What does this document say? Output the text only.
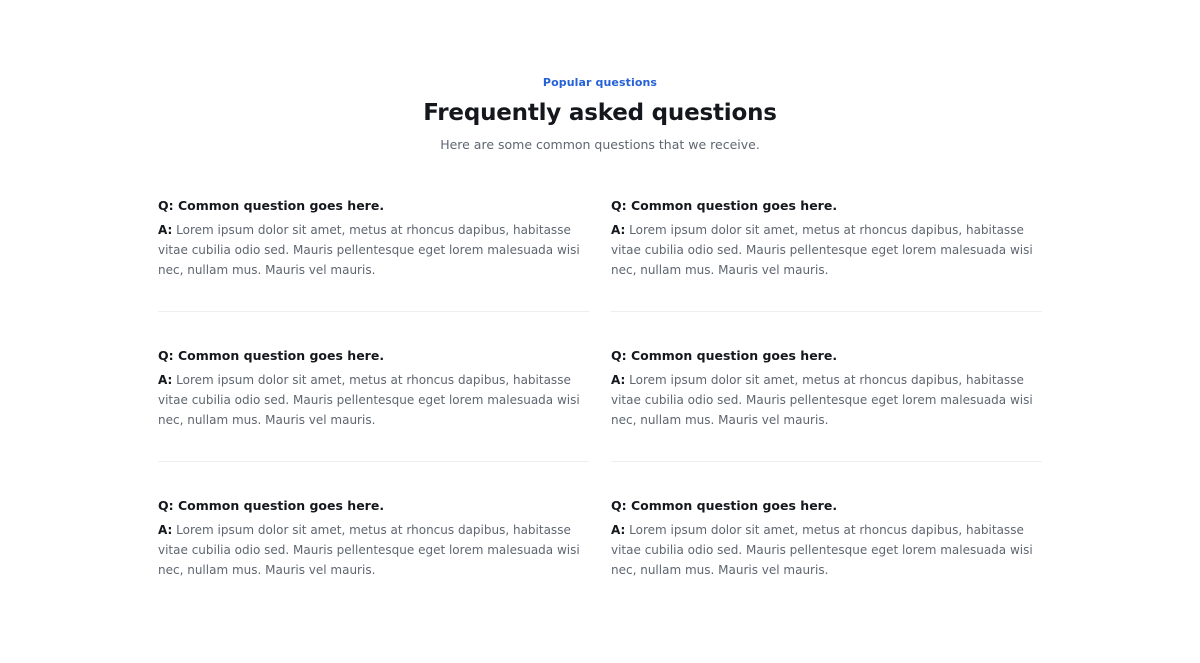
Popular questions

Frequently asked questions

Here are some common questions that we receive.

Q: Common question goes here.

A: Lorem ipsum dolor sit amet, metus at rhoncus dapibus, habitasse vitae cubilia odio sed. Mauris pellentesque eget lorem malesuada wisi nec, nullam mus. Mauris vel mauris.

Q: Common question goes here.

A: Lorem ipsum dolor sit amet, metus at rhoncus dapibus, habitasse vitae cubilia odio sed. Mauris pellentesque eget lorem malesuada wisi nec, nullam mus. Mauris vel mauris.

Q: Common question goes here.

A: Lorem ipsum dolor sit amet, metus at rhoncus dapibus, habitasse vitae cubilia odio sed. Mauris pellentesque eget lorem malesuada wisi nec, nullam mus. Mauris vel mauris.

Q: Common question goes here.

A: Lorem ipsum dolor sit amet, metus at rhoncus dapibus, habitasse vitae cubilia odio sed. Mauris pellentesque eget lorem malesuada wisi nec, nullam mus. Mauris vel mauris.

Q: Common question goes here.

A: Lorem ipsum dolor sit amet, metus at rhoncus dapibus, habitasse vitae cubilia odio sed. Mauris pellentesque eget lorem malesuada wisi nec, nullam mus. Mauris vel mauris.

Q: Common question goes here.

A: Lorem ipsum dolor sit amet, metus at rhoncus dapibus, habitasse vitae cubilia odio sed. Mauris pellentesque eget lorem malesuada wisi nec, nullam mus. Mauris vel mauris.
